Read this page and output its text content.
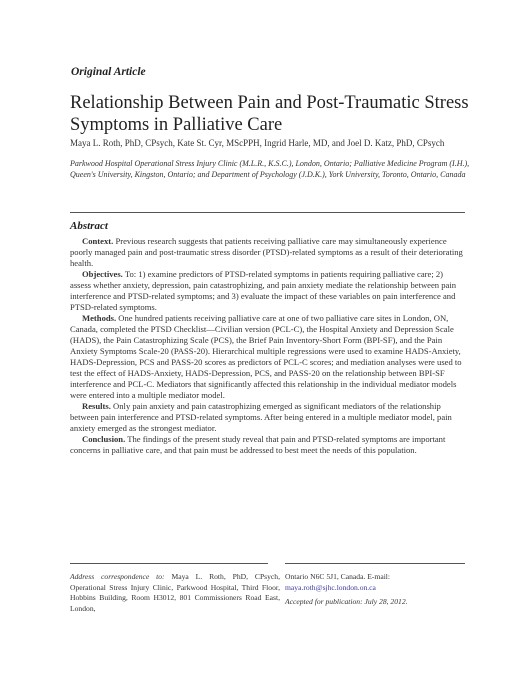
Original Article
Relationship Between Pain and Post-Traumatic Stress Symptoms in Palliative Care
Maya L. Roth, PhD, CPsych, Kate St. Cyr, MScPPH, Ingrid Harle, MD, and Joel D. Katz, PhD, CPsych
Parkwood Hospital Operational Stress Injury Clinic (M.L.R., K.S.C.), London, Ontario; Palliative Medicine Program (I.H.), Queen's University, Kingston, Ontario; and Department of Psychology (J.D.K.), York University, Toronto, Ontario, Canada
Abstract

Context. Previous research suggests that patients receiving palliative care may simultaneously experience poorly managed pain and post-traumatic stress disorder (PTSD)-related symptoms as a result of their deteriorating health.

Objectives. To: 1) examine predictors of PTSD-related symptoms in patients requiring palliative care; 2) assess whether anxiety, depression, pain catastrophizing, and pain anxiety mediate the relationship between pain interference and PTSD-related symptoms; and 3) evaluate the impact of these variables on pain interference and PTSD-related symptoms.

Methods. One hundred patients receiving palliative care at one of two palliative care sites in London, ON, Canada, completed the PTSD Checklist—Civilian version (PCL-C), the Hospital Anxiety and Depression Scale (HADS), the Pain Catastrophizing Scale (PCS), the Brief Pain Inventory-Short Form (BPI-SF), and the Pain Anxiety Symptoms Scale-20 (PASS-20). Hierarchical multiple regressions were used to examine HADS-Anxiety, HADS-Depression, PCS and PASS-20 scores as predictors of PCL-C scores; and mediation analyses were used to test the effect of HADS-Anxiety, HADS-Depression, PCS, and PASS-20 on the relationship between BPI-SF interference and PCL-C. Mediators that significantly affected this relationship in the individual mediator models were entered into a multiple mediator model.

Results. Only pain anxiety and pain catastrophizing emerged as significant mediators of the relationship between pain interference and PTSD-related symptoms. After being entered in a multiple mediator model, pain anxiety emerged as the strongest mediator.

Conclusion. The findings of the present study reveal that pain and PTSD-related symptoms are important concerns in palliative care, and that pain must be addressed to best meet the needs of this population.

Address correspondence to: Maya L. Roth, PhD, CPsych, Operational Stress Injury Clinic, Parkwood Hospital, Third Floor, Hobbins Building, Room H3012, 801 Commissioners Road East, London,
Ontario N6C 5J1, Canada. E-mail: maya.roth@sjhc.london.on.ca
Accepted for publication: July 28, 2012.
